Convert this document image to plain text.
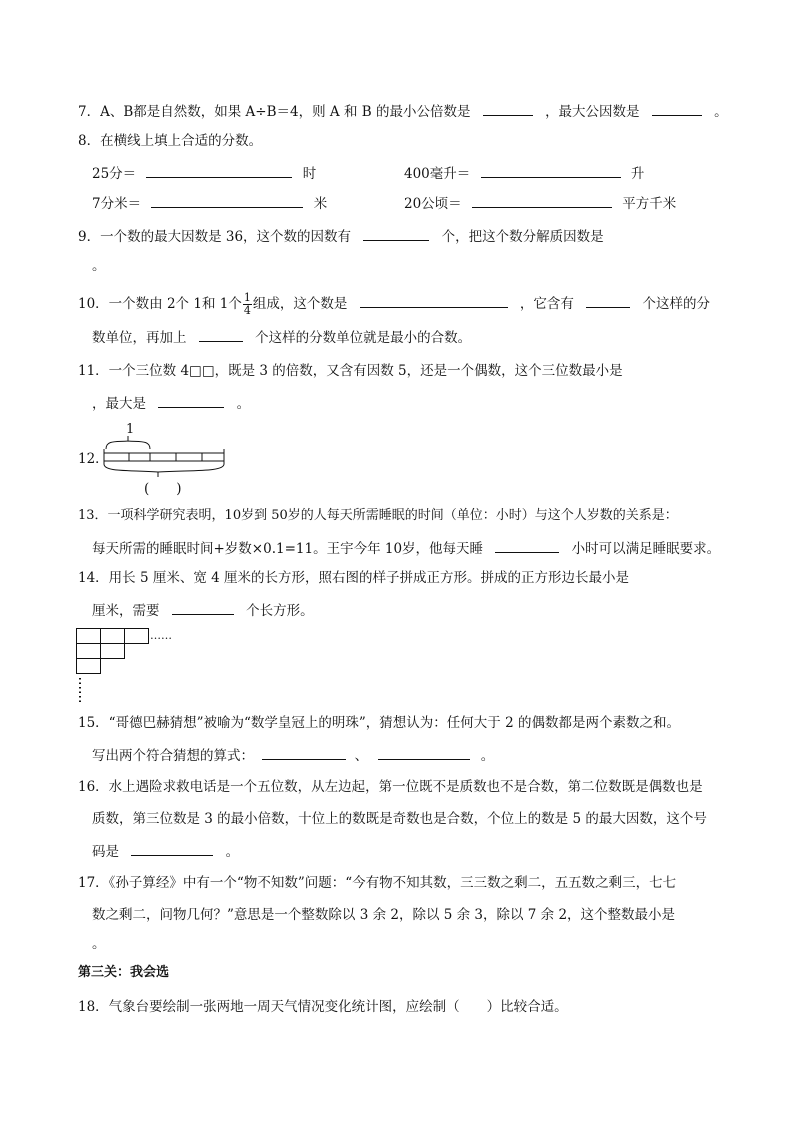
7．A、B都是自然数，如果 A÷B＝4，则 A 和 B 的最小公倍数是	，最大公因数是	。
8．在横线上填上合适的分数。
25分＝	时	400毫升＝	升
7分米＝	米	20公顷＝	平方千米
9．一个数的最大因数是 36，这个数的因数有	个，把这个数分解质因数是
。
10．一个数由 2个 1和 1个 $\frac{1}{4}$ 组成，这个数是	，它含有	个这样的分
数单位，再加上	个这样的分数单位就是最小的合数。
11．一个三位数 4□□，既是 3 的倍数，又含有因数 5，还是一个偶数，这个三位数最小是
，最大是	。
12．
1
(　　)
13．一项科学研究表明，10岁到 50岁的人每天所需睡眠的时间（单位：小时）与这个人岁数的关系是：
每天所需的睡眠时间+岁数×0.1=11。王宇今年 10岁，他每天睡	小时可以满足睡眠要求。
14．用长 5 厘米、宽 4 厘米的长方形，照右图的样子拼成正方形。拼成的正方形边长最小是
厘米，需要	个长方形。
……
15．“哥德巴赫猜想”被喻为“数学皇冠上的明珠”，猜想认为：任何大于 2 的偶数都是两个素数之和。
写出两个符合猜想的算式：	、	。
16．水上遇险求救电话是一个五位数，从左边起，第一位既不是质数也不是合数，第二位数既是偶数也是
质数，第三位数是 3 的最小倍数，十位上的数既是奇数也是合数，个位上的数是 5 的最大因数，这个号
码是	。
17．《孙子算经》中有一个“物不知数”问题：“今有物不知其数，三三数之剩二，五五数之剩三，七七
数之剩二，问物几何？”意思是一个整数除以 3 余 2，除以 5 余 3，除以 7 余 2，这个整数最小是
。
第三关：我会选
18．气象台要绘制一张两地一周天气情况变化统计图，应绘制（　　）比较合适。
